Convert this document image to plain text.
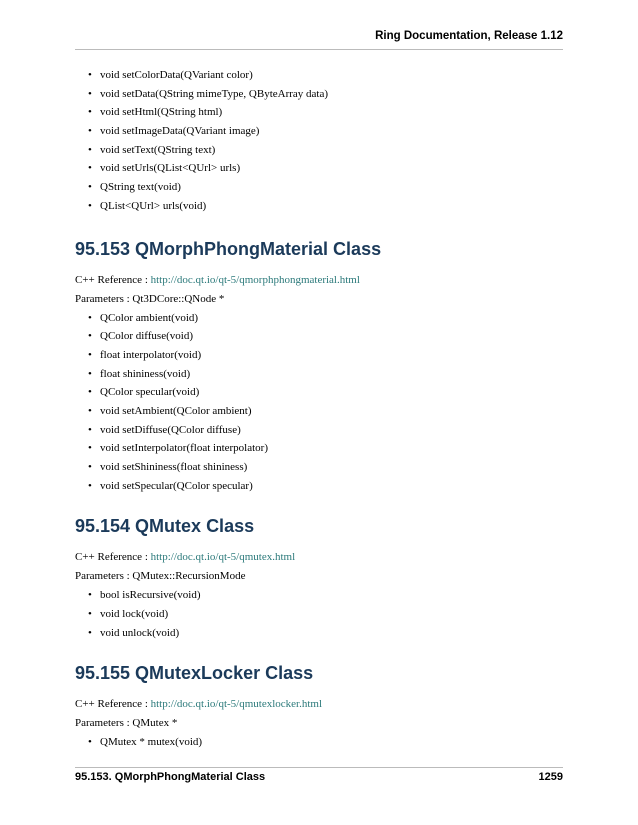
Ring Documentation, Release 1.12
• void setColorData(QVariant color)
• void setData(QString mimeType, QByteArray data)
• void setHtml(QString html)
• void setImageData(QVariant image)
• void setText(QString text)
• void setUrls(QList<QUrl> urls)
• QString text(void)
• QList<QUrl> urls(void)
95.153 QMorphPhongMaterial Class

C++ Reference : http://doc.qt.io/qt-5/qmorphphongmaterial.html

Parameters : Qt3DCore::QNode *

• QColor ambient(void)
• QColor diffuse(void)
• float interpolator(void)
• float shininess(void)
• QColor specular(void)
• void setAmbient(QColor ambient)
• void setDiffuse(QColor diffuse)
• void setInterpolator(float interpolator)
• void setShininess(float shininess)
• void setSpecular(QColor specular)
95.154 QMutex Class

C++ Reference : http://doc.qt.io/qt-5/qmutex.html

Parameters : QMutex::RecursionMode

• bool isRecursive(void)
• void lock(void)
• void unlock(void)
95.155 QMutexLocker Class

C++ Reference : http://doc.qt.io/qt-5/qmutexlocker.html

Parameters : QMutex *

• QMutex * mutex(void)
95.153. QMorphPhongMaterial Class	1259
